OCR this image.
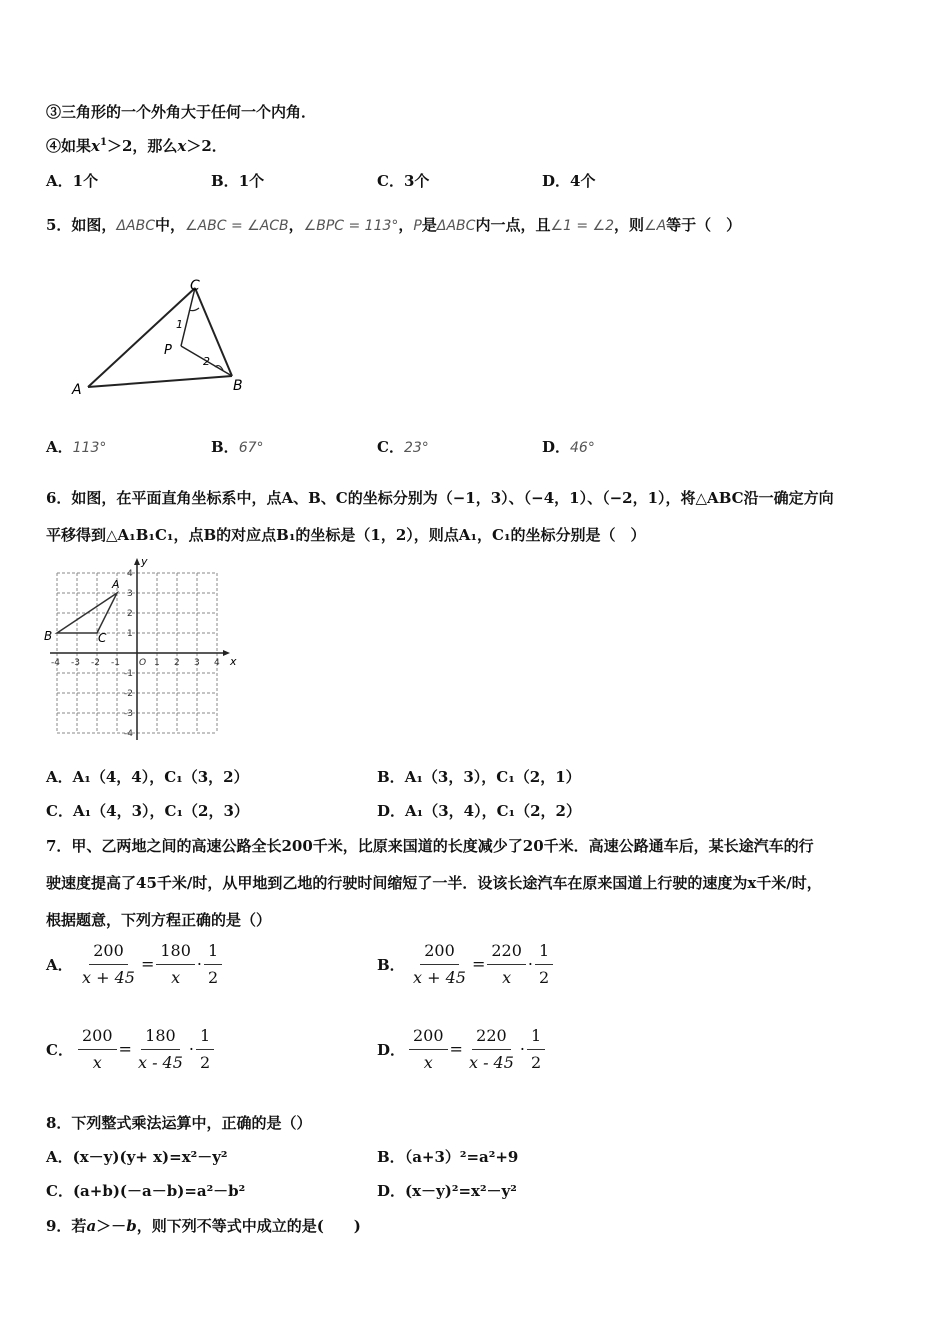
③三角形的一个外角大于任何一个内角．
④如果$x^1>2$，那么x＞2．
A．1个	B．1个	C．3个	D．4个
5．如图，ΔABC中，∠ABC = ∠ACB，∠BPC = 113°，P是ΔABC内一点，且∠1 = ∠2，则∠A等于（　）
C
A	B
P
1
2
A．113°	B．67°	C．23°	D．46°
6．如图，在平面直角坐标系中，点A、B、C的坐标分别为（−1，3）、（−4，1）、（−2，1），将△ABC沿一确定方向
平移得到△A₁B₁C₁，点B的对应点B₁的坐标是（1，2），则点A₁，C₁的坐标分别是（　）
x
y
-4 -3 -2 -1 O 1 2 3 4
4
3
2
1
-1
-2
-3
-4
A
B	C
A．A₁（4，4），C₁（3，2）	B．A₁（3，3），C₁（2，1）
C．A₁（4，3），C₁（2，3）	D．A₁（3，4），C₁（2，2）
7．甲、乙两地之间的高速公路全长200千米，比原来国道的长度减少了20千米．高速公路通车后，某长途汽车的行
驶速度提高了45千米/时，从甲地到乙地的行驶时间缩短了一半．设该长途汽车在原来国道上行驶的速度为x千米/时，
根据题意，下列方程正确的是（）
A． $\frac{200}{x + 45} = \frac{180}{x} \cdot \frac{1}{2}$	B． $\frac{200}{x + 45} = \frac{220}{x} \cdot \frac{1}{2}$
C． $\frac{200}{x} = \frac{180}{x - 45} \cdot \frac{1}{2}$	D． $\frac{200}{x} = \frac{220}{x - 45} \cdot \frac{1}{2}$
8．下列整式乘法运算中，正确的是（）
A．(x－y)(y+ x)=x²－y²	B．（a+3）²=a²+9
C．(a+b)(－a－b)=a²－b²	D．(x－y)²=x²－y²
9．若a＞－b，则下列不等式中成立的是(　　)
